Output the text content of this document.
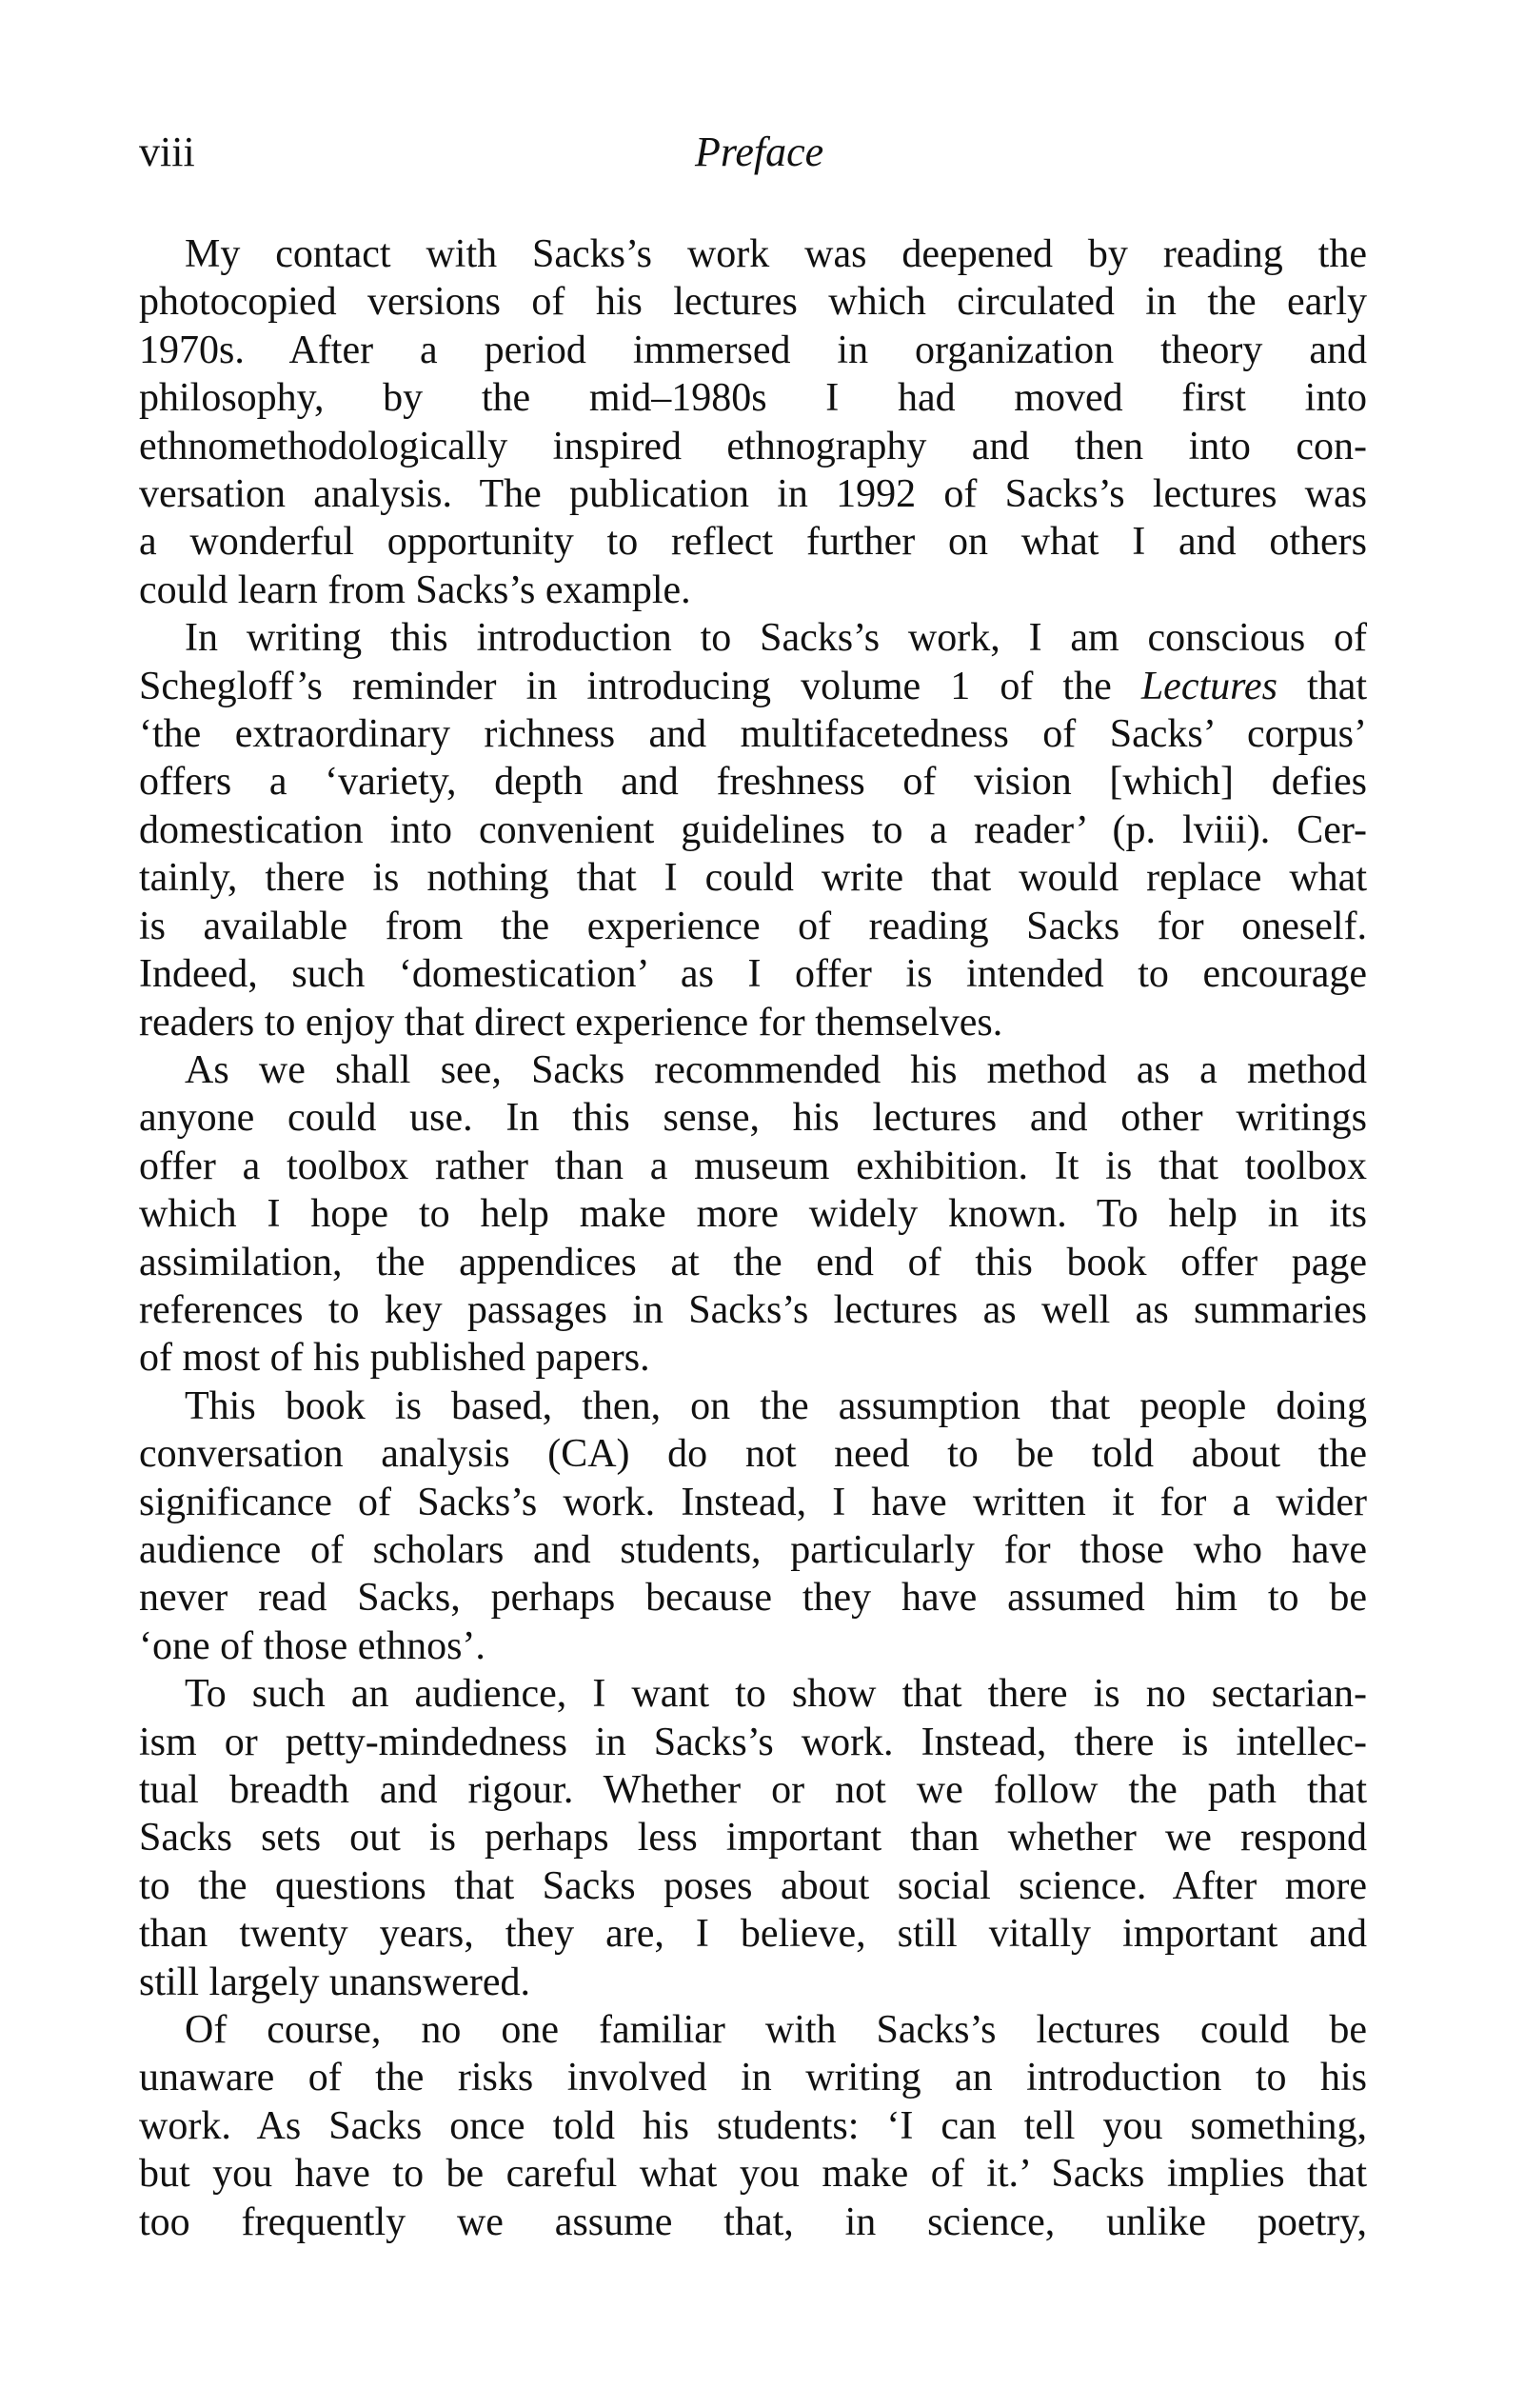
viii	Preface

My contact with Sacks’s work was deepened by reading the
photocopied versions of his lectures which circulated in the early
1970s. After a period immersed in organization theory and
philosophy, by the mid–1980s I had moved first into
ethnomethodologically inspired ethnography and then into con-
versation analysis. The publication in 1992 of Sacks’s lectures was
a wonderful opportunity to reflect further on what I and others
could learn from Sacks’s example.

In writing this introduction to Sacks’s work, I am conscious of
Schegloff’s reminder in introducing volume 1 of the Lectures that
‘the extraordinary richness and multifacetedness of Sacks’ corpus’
offers a ‘variety, depth and freshness of vision [which] defies
domestication into convenient guidelines to a reader’ (p. lviii). Cer-
tainly, there is nothing that I could write that would replace what
is available from the experience of reading Sacks for oneself.
Indeed, such ‘domestication’ as I offer is intended to encourage
readers to enjoy that direct experience for themselves.

As we shall see, Sacks recommended his method as a method
anyone could use. In this sense, his lectures and other writings
offer a toolbox rather than a museum exhibition. It is that toolbox
which I hope to help make more widely known. To help in its
assimilation, the appendices at the end of this book offer page
references to key passages in Sacks’s lectures as well as summaries
of most of his published papers.

This book is based, then, on the assumption that people doing
conversation analysis (CA) do not need to be told about the
significance of Sacks’s work. Instead, I have written it for a wider
audience of scholars and students, particularly for those who have
never read Sacks, perhaps because they have assumed him to be
‘one of those ethnos’.

To such an audience, I want to show that there is no sectarian-
ism or petty-mindedness in Sacks’s work. Instead, there is intellec-
tual breadth and rigour. Whether or not we follow the path that
Sacks sets out is perhaps less important than whether we respond
to the questions that Sacks poses about social science. After more
than twenty years, they are, I believe, still vitally important and
still largely unanswered.

Of course, no one familiar with Sacks’s lectures could be
unaware of the risks involved in writing an introduction to his
work. As Sacks once told his students: ‘I can tell you something,
but you have to be careful what you make of it.’ Sacks implies that
too frequently we assume that, in science, unlike poetry,
